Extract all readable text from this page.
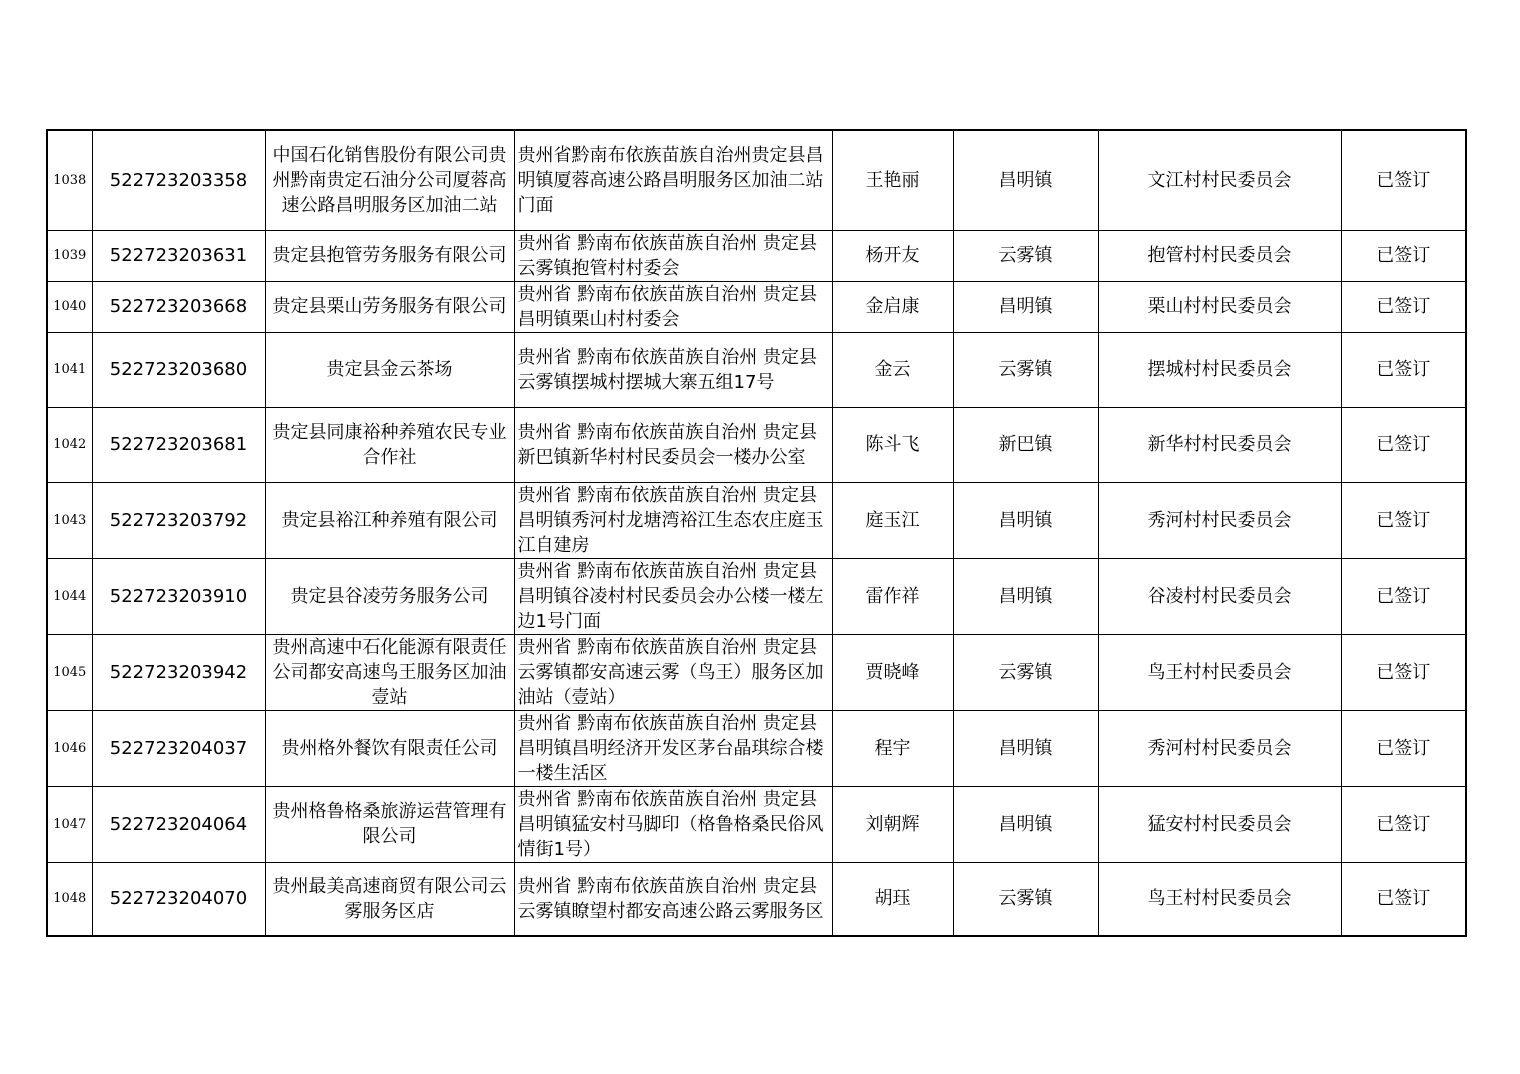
1038	522723203358	中国石化销售股份有限公司贵州黔南贵定石油分公司厦蓉高速公路昌明服务区加油二站	贵州省黔南布依族苗族自治州贵定县昌明镇厦蓉高速公路昌明服务区加油二站门面	王艳丽	昌明镇	文江村村民委员会	已签订
1039	522723203631	贵定县抱管劳务服务有限公司	贵州省 黔南布依族苗族自治州 贵定县云雾镇抱管村村委会	杨开友	云雾镇	抱管村村民委员会	已签订
1040	522723203668	贵定县栗山劳务服务有限公司	贵州省 黔南布依族苗族自治州 贵定县昌明镇栗山村村委会	金启康	昌明镇	栗山村村民委员会	已签订
1041	522723203680	贵定县金云茶场	贵州省 黔南布依族苗族自治州 贵定县云雾镇摆城村摆城大寨五组17号	金云	云雾镇	摆城村村民委员会	已签订
1042	522723203681	贵定县同康裕种养殖农民专业合作社	贵州省 黔南布依族苗族自治州 贵定县新巴镇新华村村民委员会一楼办公室	陈斗飞	新巴镇	新华村村民委员会	已签订
1043	522723203792	贵定县裕江种养殖有限公司	贵州省 黔南布依族苗族自治州 贵定县昌明镇秀河村龙塘湾裕江生态农庄庭玉江自建房	庭玉江	昌明镇	秀河村村民委员会	已签订
1044	522723203910	贵定县谷凌劳务服务公司	贵州省 黔南布依族苗族自治州 贵定县昌明镇谷凌村村民委员会办公楼一楼左边1号门面	雷作祥	昌明镇	谷凌村村民委员会	已签订
1045	522723203942	贵州高速中石化能源有限责任公司都安高速鸟王服务区加油壹站	贵州省 黔南布依族苗族自治州 贵定县云雾镇都安高速云雾（鸟王）服务区加油站（壹站）	贾晓峰	云雾镇	鸟王村村民委员会	已签订
1046	522723204037	贵州格外餐饮有限责任公司	贵州省 黔南布依族苗族自治州 贵定县昌明镇昌明经济开发区茅台晶琪综合楼一楼生活区	程宇	昌明镇	秀河村村民委员会	已签订
1047	522723204064	贵州格鲁格桑旅游运营管理有限公司	贵州省 黔南布依族苗族自治州 贵定县昌明镇猛安村马脚印（格鲁格桑民俗风情街1号）	刘朝辉	昌明镇	猛安村村民委员会	已签订
1048	522723204070	贵州最美高速商贸有限公司云雾服务区店	贵州省 黔南布依族苗族自治州 贵定县云雾镇瞭望村都安高速公路云雾服务区	胡珏	云雾镇	鸟王村村民委员会	已签订
